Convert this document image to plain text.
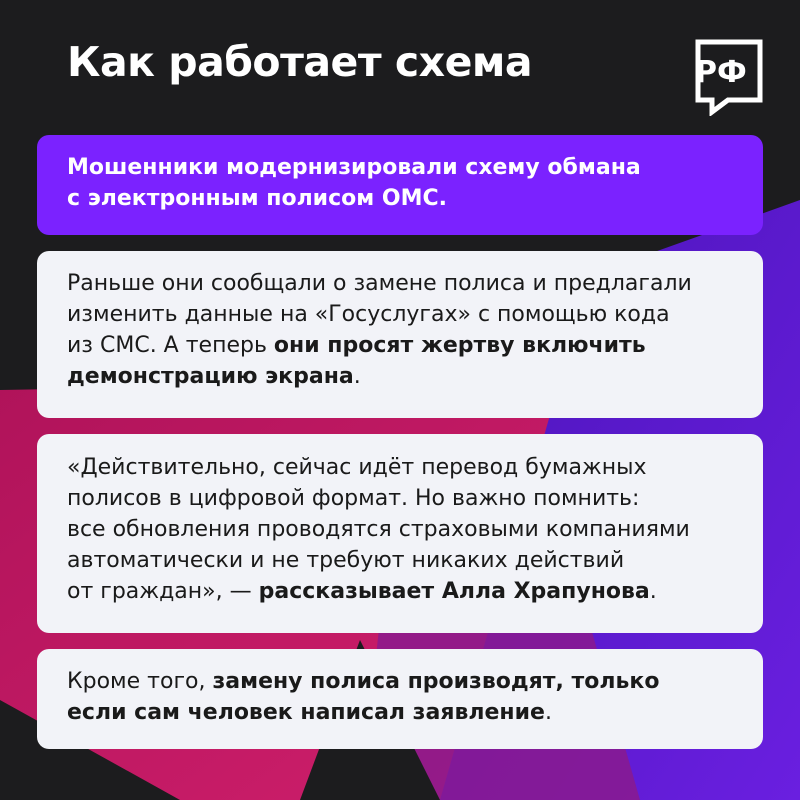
Как работает схема	РФ

Мошенники модернизировали схему обмана

с электронным полисом ОМС.

Раньше они сообщали о замене полиса и предлагали

изменить данные на «Госуслугах» с помощью кода

из СМС. А теперь они просят жертву включить

демонстрацию экрана.

«Действительно, сейчас идёт перевод бумажных

полисов в цифровой формат. Но важно помнить:

все обновления проводятся страховыми компаниями

автоматически и не требуют никаких действий

от граждан», — рассказывает Алла Храпунова.

Кроме того, замену полиса производят, только

если сам человек написал заявление.
